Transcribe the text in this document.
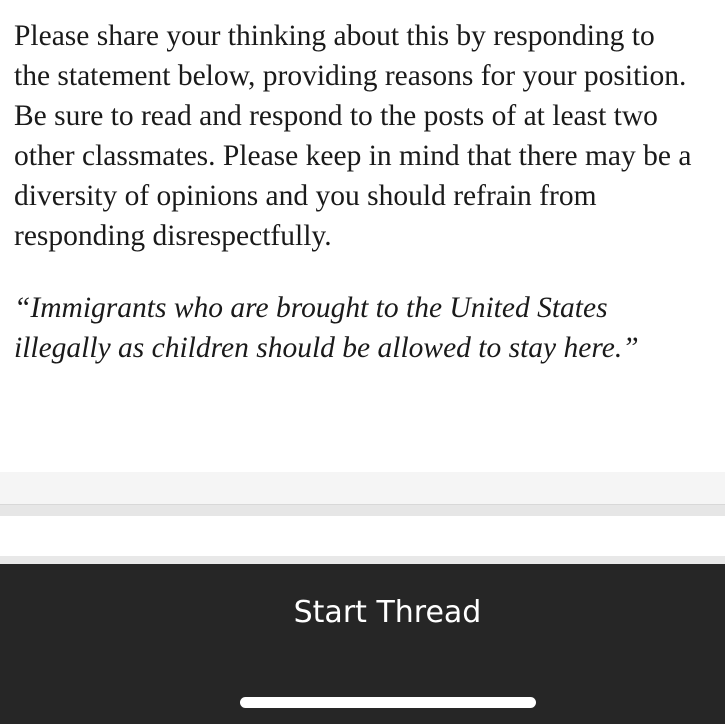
Please share your thinking about this by responding to
the statement below, providing reasons for your position.
Be sure to read and respond to the posts of at least two
other classmates. Please keep in mind that there may be a
diversity of opinions and you should refrain from
responding disrespectfully.
“Immigrants who are brought to the United States
illegally as children should be allowed to stay here.”
Start Thread
